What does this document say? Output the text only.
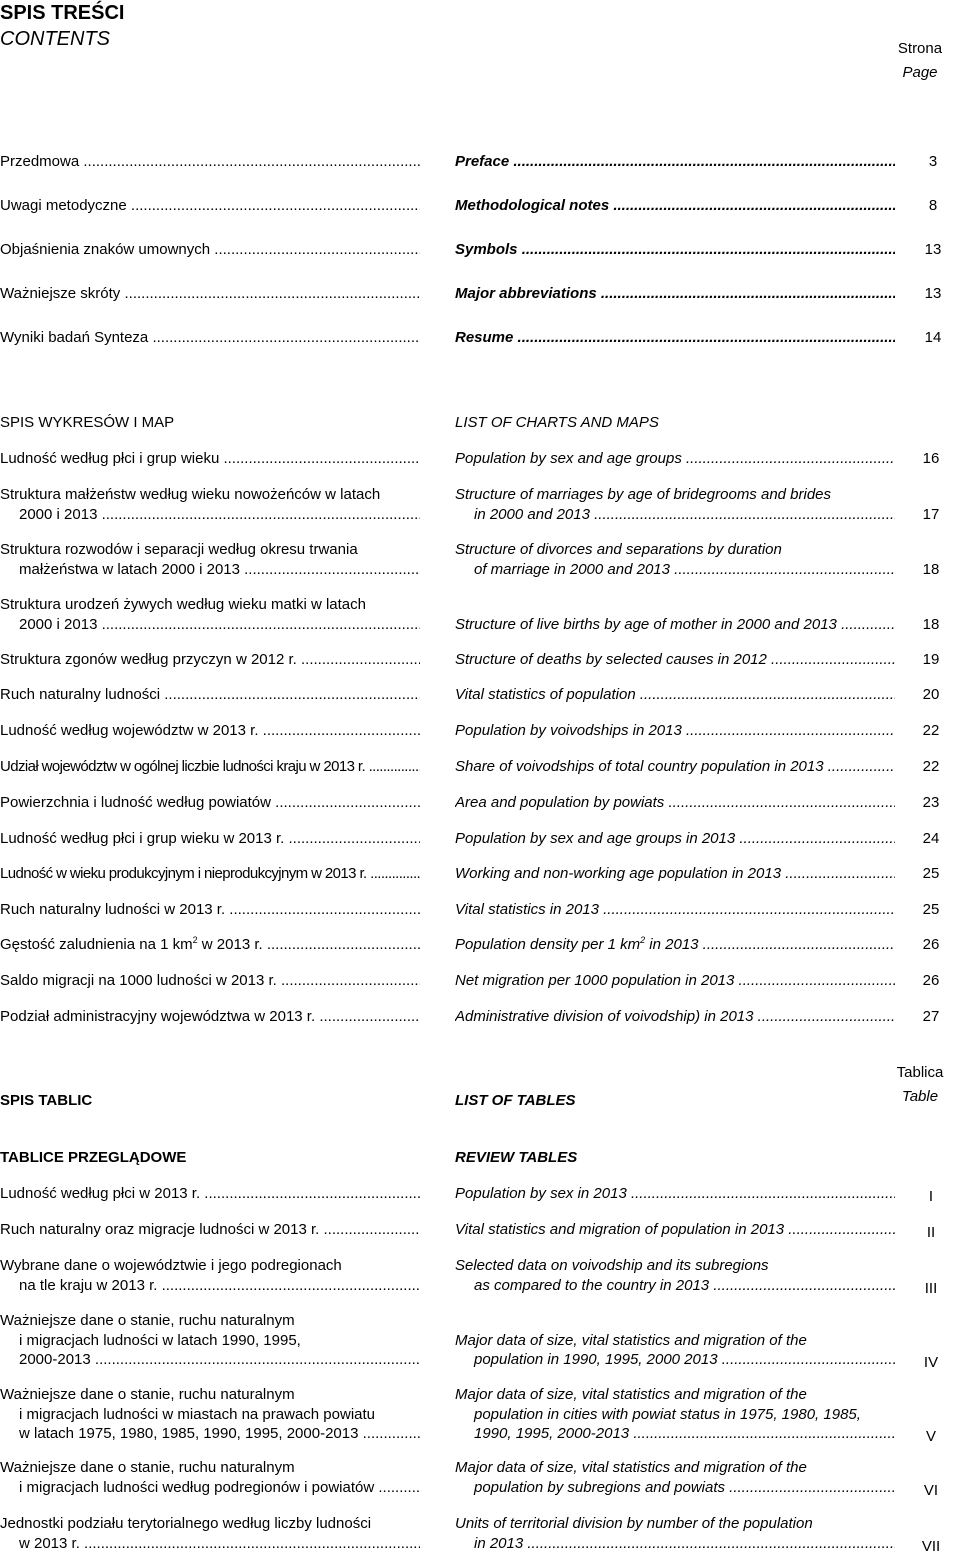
SPIS TREŚCI
CONTENTS	Strona
Page
Przedmowa .....	Preface .....	3
Uwagi metodyczne .....	Methodological notes .....	8
Objaśnienia znaków umownych .....	Symbols .....	13
Ważniejsze skróty .....	Major abbreviations .....	13
Wyniki badań Synteza .....	Resume .....	14
SPIS WYKRESÓW I MAP	LIST OF CHARTS AND MAPS
Ludność według płci i grup wieku .....	Population by sex and age groups .....	16
Struktura małżeństw według wieku nowożeńców w latach
2000 i 2013 .....
Structure of marriages by age of bridegrooms and brides
in 2000 and 2013 .....	17
Struktura rozwodów i separacji według okresu trwania
małżeństwa w latach 2000 i 2013 .....
Structure of divorces and separations by duration
of marriage in 2000 and 2013 .....	18
Struktura urodzeń żywych według wieku matki w latach
2000 i 2013 .....	Structure of live births by age of mother in 2000 and 2013 .....	18
Struktura zgonów według przyczyn w 2012 r. .....	Structure of deaths by selected causes in 2012 .....	19
Ruch naturalny ludności .....	Vital statistics of population .....	20
Ludność według województw w 2013 r. .....	Population by voivodships in 2013 .....	22
Udział województw w ogólnej liczbie ludności kraju w 2013 r. .....	Share of voivodships of total country population in 2013 .....	22
Powierzchnia i ludność według powiatów .....	Area and population by powiats .....	23
Ludność według płci i grup wieku w 2013 r. .....	Population by sex and age groups in 2013 .....	24
Ludność w wieku produkcyjnym i nieprodukcyjnym w 2013 r. .....	Working and non-working age population in 2013 .....	25
Ruch naturalny ludności w 2013 r. .....	Vital statistics in 2013 .....	25
Gęstość zaludnienia na 1 $km^2$ w 2013 r. .....	Population density per 1 $km^2$ in 2013 .....	26
Saldo migracji na 1000 ludności w 2013 r. .....	Net migration per 1000 population in 2013 .....	26
Podział administracyjny województwa w 2013 r. .....	Administrative division of voivodship) in 2013 .....	27
SPIS TABLIC	LIST OF TABLES
Tablica
Table
TABLICE PRZEGLĄDOWE	REVIEW TABLES
Ludność według płci w 2013 r. .....	Population by sex in 2013 .....	I
Ruch naturalny oraz migracje ludności w 2013 r. .....	Vital statistics and migration of population in 2013 .....	II
Wybrane dane o województwie i jego podregionach
na tle kraju w 2013 r. .....
Selected data on voivodship and its subregions
as compared to the country in 2013 .....	III
Ważniejsze dane o stanie, ruchu naturalnym
i migracjach ludności w latach 1990, 1995,
2000-2013 .....
Major data of size, vital statistics and migration of the
population in 1990, 1995, 2000 2013 .....	IV
Ważniejsze dane o stanie, ruchu naturalnym
i migracjach ludności w miastach na prawach powiatu
w latach 1975, 1980, 1985, 1990, 1995, 2000-2013 .....
Major data of size, vital statistics and migration of the
population in cities with powiat status in 1975, 1980, 1985,
1990, 1995, 2000-2013 .....	V
Ważniejsze dane o stanie, ruchu naturalnym
i migracjach ludności według podregionów i powiatów .....
Major data of size, vital statistics and migration of the
population by subregions and powiats .....	VI
Jednostki podziału terytorialnego według liczby ludności
w 2013 r. .....
Units of territorial division by number of the population
in 2013 .....	VII
